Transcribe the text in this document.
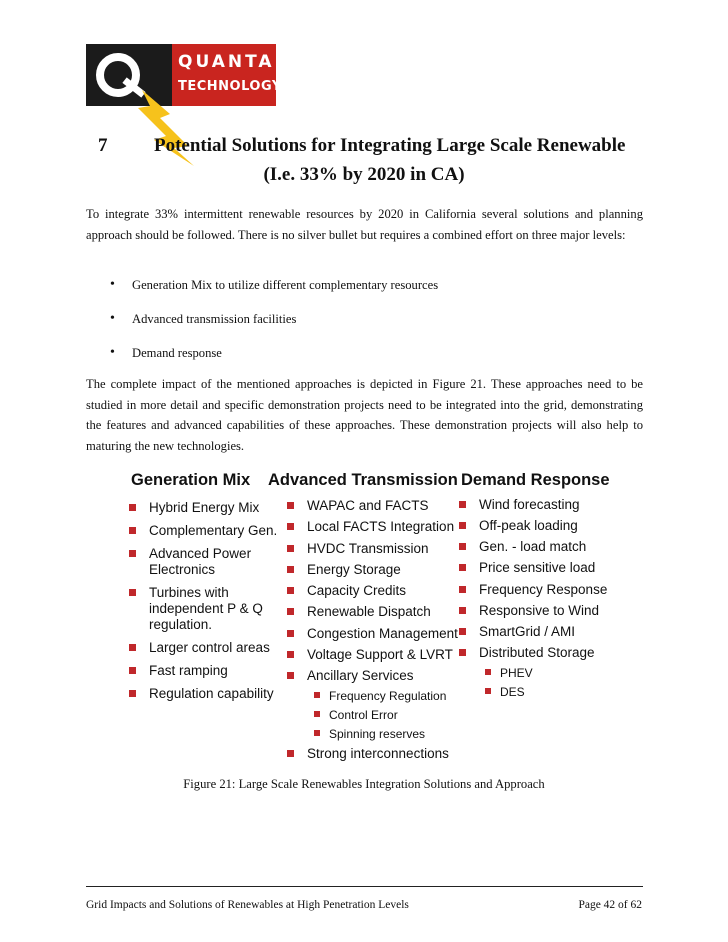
QUANTA
TECHNOLOGY
7 Potential Solutions for Integrating Large Scale Renewable
(I.e. 33% by 2020 in CA)

To integrate 33% intermittent renewable resources by 2020 in California several solutions and planning approach should be followed. There is no silver bullet but requires a combined effort on three major levels:

• Generation Mix to utilize different complementary resources
• Advanced transmission facilities
• Demand response

The complete impact of the mentioned approaches is depicted in Figure 21. These approaches need to be studied in more detail and specific demonstration projects need to be integrated into the grid, demonstrating the features and advanced capabilities of these approaches. These demonstration projects will also help to maturing the new technologies.

Generation Mix Advanced Transmission Demand Response
Hybrid Energy Mix
Complementary Gen.
Advanced Power
Electronics
Turbines with
independent P & Q
regulation.
Larger control areas
Fast ramping
Regulation capability
WAPAC and FACTS
Local FACTS Integration
HVDC Transmission
Energy Storage
Capacity Credits
Renewable Dispatch
Congestion Management
Voltage Support & LVRT
Ancillary Services
Frequency Regulation
Control Error
Spinning reserves
Strong interconnections
Wind forecasting
Off-peak loading
Gen. - load match
Price sensitive load
Frequency Response
Responsive to Wind
SmartGrid / AMI
Distributed Storage
PHEV
DES
Figure 21: Large Scale Renewables Integration Solutions and Approach
Grid Impacts and Solutions of Renewables at High Penetration Levels	Page 42 of 62
